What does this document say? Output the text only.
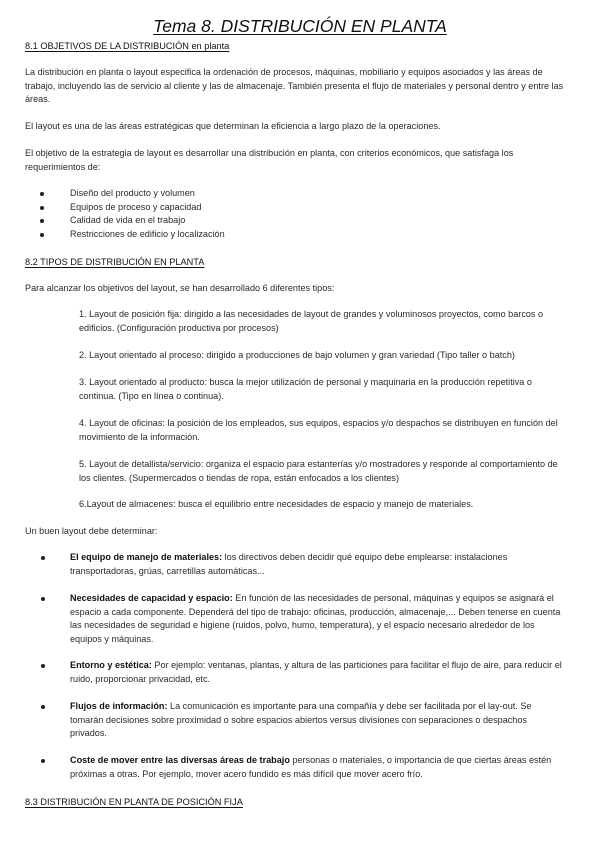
Tema 8. DISTRIBUCIÓN EN PLANTA
8.1 OBJETIVOS DE LA DISTRIBUCIÓN en planta

La distribución en planta o layout especifica la ordenación de procesos, máquinas, mobiliario y equipos asociados y las áreas de trabajo, incluyendo las de servicio al cliente y las de almacenaje. También presenta el flujo de materiales y personal dentro y entre las áreas.

El layout es una de las áreas estratégicas que determinan la eficiencia a largo plazo de la operaciones.

El objetivo de la estrategia de layout es desarrollar una distribución en planta, con criterios económicos, que satisfaga los requerimientos de:

Diseño del producto y volumen
Equipos de proceso y capacidad
Calidad de vida en el trabajo
Restricciones de edificio y localización
8.2 TIPOS DE DISTRIBUCIÓN EN PLANTA

Para alcanzar los objetivos del layout, se han desarrollado 6 diferentes tipos:

1. Layout de posición fija: dirigido a las necesidades de layout de grandes y voluminosos proyectos, como barcos o edificios. (Configuración productiva por procesos)
2. Layout orientado al proceso: dirigido a producciones de bajo volumen y gran variedad (Tipo taller o batch)
3. Layout orientado al producto: busca la mejor utilización de personal y maquinaria en la producción repetitiva o continua. (Tipo en línea o continua).
4. Layout de oficinas: la posición de los empleados, sus equipos, espacios y/o despachos se distribuyen en función del movimiento de la información.
5. Layout de detallista/servicio: organiza el espacio para estanterías y/o mostradores y responde al comportamiento de los clientes. (Supermercados o tiendas de ropa, están enfocados a los clientes)
6.Layout de almacenes: busca el equilibrio entre necesidades de espacio y manejo de materiales.

Un buen layout debe determinar:

El equipo de manejo de materiales: los directivos deben decidir qué equipo debe emplearse: instalaciones transportadoras, grúas, carretillas automáticas...
Necesidades de capacidad y espacio: En función de las necesidades de personal, máquinas y equipos se asignará el espacio a cada componente. Dependerá del tipo de trabajo: oficinas, producción, almacenaje,... Deben tenerse en cuenta las necesidades de seguridad e higiene (ruidos, polvo, humo, temperatura), y el espacio necesario alrededor de los equipos y máquinas.
Entorno y estética: Por ejemplo: ventanas, plantas, y altura de las particiones para facilitar el flujo de aire, para reducir el ruido, proporcionar privacidad, etc.
Flujos de información: La comunicación es importante para una compañía y debe ser facilitada por el lay-out. Se tomarán decisiones sobre proximidad o sobre espacios abiertos versus divisiones con separaciones o despachos privados.
Coste de mover entre las diversas áreas de trabajo personas o materiales, o importancia de que ciertas áreas estén próximas a otras. Por ejemplo, mover acero fundido es más difícil que mover acero frío.
8.3 DISTRIBUCIÓN EN PLANTA DE POSICIÓN FIJA
